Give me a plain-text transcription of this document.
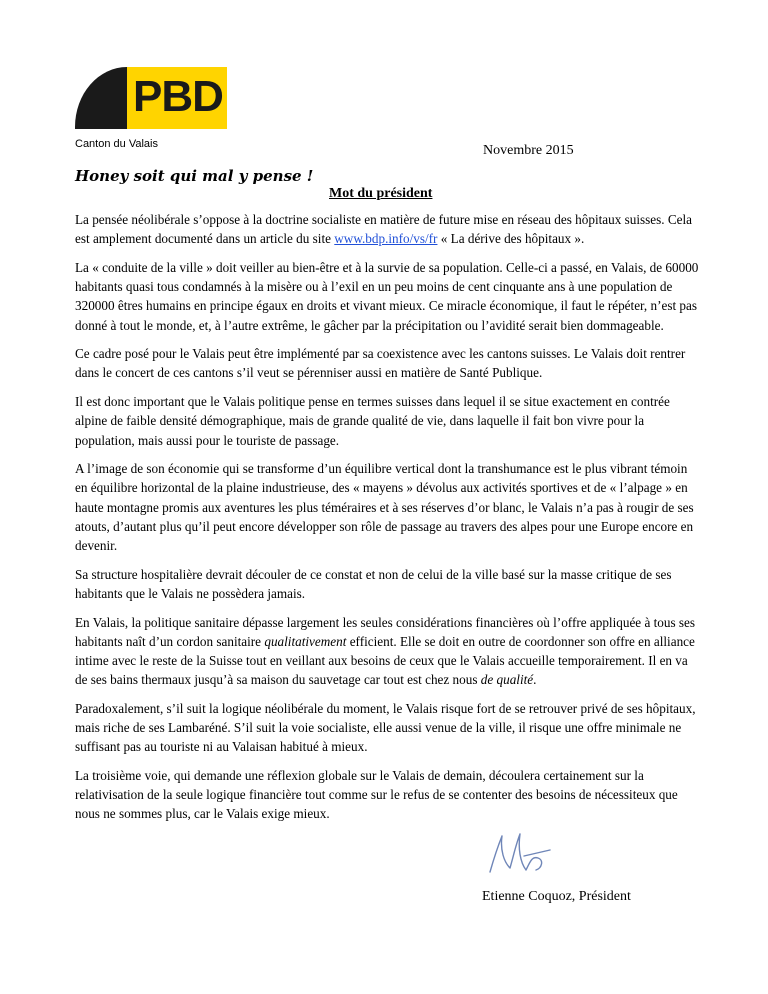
PBD
Canton du Valais	Novembre 2015
Honey soit qui mal y pense !
Mot du président

La pensée néolibérale s’oppose à la doctrine socialiste en matière de future mise en réseau des hôpitaux suisses. Cela est amplement documenté dans un article du site www.bdp.info/vs/fr « La dérive des hôpitaux ».

La « conduite de la ville » doit veiller au bien-être et à la survie de sa population. Celle-ci a passé, en Valais, de 60000 habitants quasi tous condamnés à la misère ou à l’exil en un peu moins de cent cinquante ans à une population de 320000 êtres humains en principe égaux en droits et vivant mieux. Ce miracle économique, il faut le répéter, n’est pas donné à tout le monde, et, à l’autre extrême, le gâcher par la précipitation ou l’avidité serait bien dommageable.

Ce cadre posé pour le Valais peut être implémenté par sa coexistence avec les cantons suisses. Le Valais doit rentrer dans le concert de ces cantons s’il veut se pérenniser aussi en matière de Santé Publique.

Il est donc important que le Valais politique pense en termes suisses dans lequel il se situe exactement en contrée alpine de faible densité démographique, mais de grande qualité de vie, dans laquelle il fait bon vivre pour la population, mais aussi pour le touriste de passage.

A l’image de son économie qui se transforme d’un équilibre vertical dont la transhumance est le plus vibrant témoin en équilibre horizontal de la plaine industrieuse, des « mayens » dévolus aux activités sportives et de « l’alpage » en haute montagne promis aux aventures les plus téméraires et à ses réserves d’or blanc, le Valais n’a pas à rougir de ses atouts, d’autant plus qu’il peut encore développer son rôle de passage au travers des alpes pour une Europe encore en devenir.

Sa structure hospitalière devrait découler de ce constat et non de celui de la ville basé sur la masse critique de ses habitants que le Valais ne possèdera jamais.

En Valais, la politique sanitaire dépasse largement les seules considérations financières où l’offre appliquée à tous ses habitants naît d’un cordon sanitaire qualitativement efficient. Elle se doit en outre de coordonner son offre en alliance intime avec le reste de la Suisse tout en veillant aux besoins de ceux que le Valais accueille temporairement. Il en va de ses bains thermaux jusqu’à sa maison du sauvetage car tout est chez nous de qualité.

Paradoxalement, s’il suit la logique néolibérale du moment, le Valais risque fort de se retrouver privé de ses hôpitaux, mais riche de ses Lambaréné. S’il suit la voie socialiste, elle aussi venue de la ville, il risque une offre minimale ne suffisant pas au touriste ni au Valaisan habitué à mieux.

La troisième voie, qui demande une réflexion globale sur le Valais de demain, découlera certainement sur la relativisation de la seule logique financière tout comme sur le refus de se contenter des besoins de nécessiteux que nous ne sommes plus, car le Valais exige mieux.

Etienne Coquoz, Président
